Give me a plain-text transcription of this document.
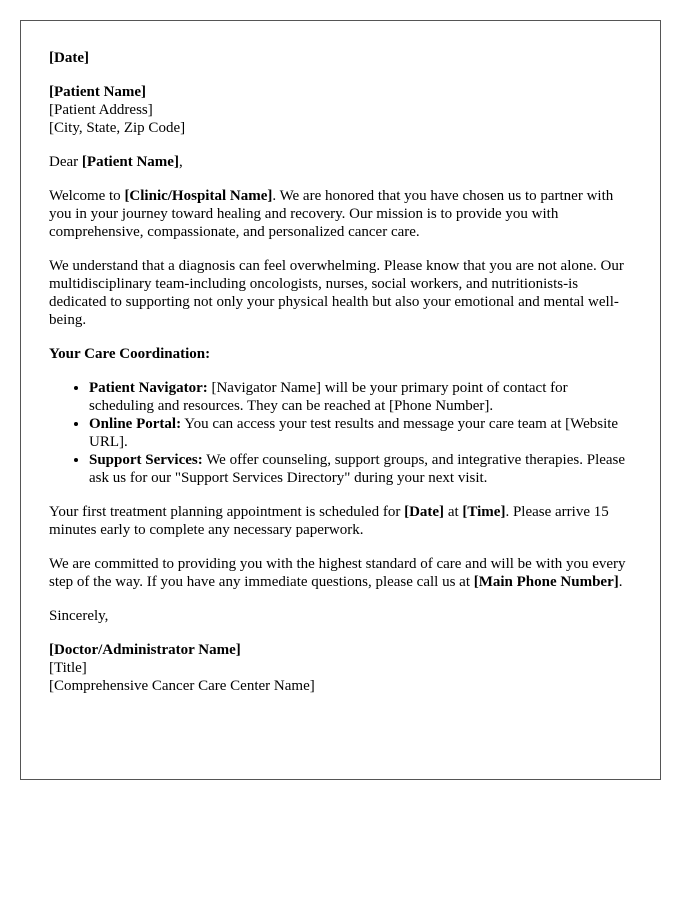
[Date]

[Patient Name]
[Patient Address]
[City, State, Zip Code]

Dear [Patient Name],

Welcome to [Clinic/Hospital Name]. We are honored that you have chosen us to partner with you in your journey toward healing and recovery. Our mission is to provide you with comprehensive, compassionate, and personalized cancer care.

We understand that a diagnosis can feel overwhelming. Please know that you are not alone. Our multidisciplinary team-including oncologists, nurses, social workers, and nutritionists-is dedicated to supporting not only your physical health but also your emotional and mental well-being.

Your Care Coordination:

• Patient Navigator: [Navigator Name] will be your primary point of contact for scheduling and resources. They can be reached at [Phone Number].
• Online Portal: You can access your test results and message your care team at [Website URL].
• Support Services: We offer counseling, support groups, and integrative therapies. Please ask us for our "Support Services Directory" during your next visit.

Your first treatment planning appointment is scheduled for [Date] at [Time]. Please arrive 15 minutes early to complete any necessary paperwork.

We are committed to providing you with the highest standard of care and will be with you every step of the way. If you have any immediate questions, please call us at [Main Phone Number].

Sincerely,

[Doctor/Administrator Name]
[Title]
[Comprehensive Cancer Care Center Name]
